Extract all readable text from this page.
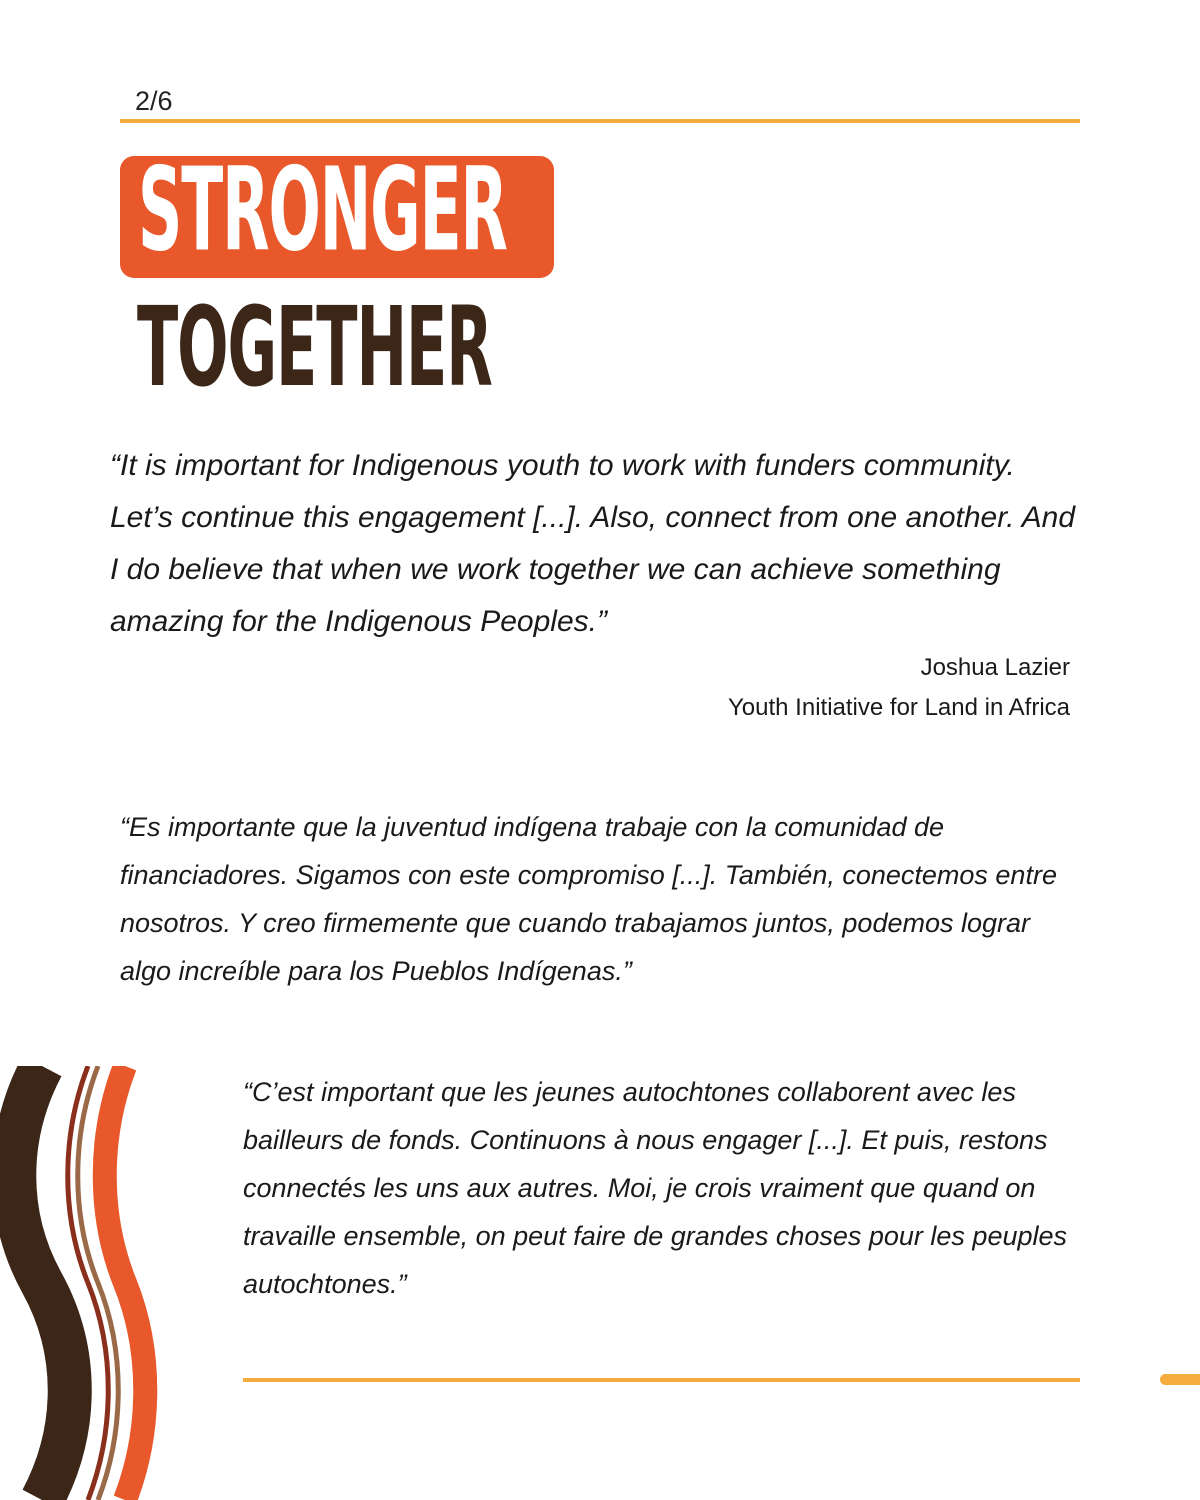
2/6
STRONGER
TOGETHER

“It is important for Indigenous youth to work with funders community. Let’s continue this engagement [...]. Also, connect from one another. And I do believe that when we work together we can achieve something amazing for the Indigenous Peoples.”

Joshua Lazier
Youth Initiative for Land in Africa

“Es importante que la juventud indígena trabaje con la comunidad de financiadores. Sigamos con este compromiso [...]. También, conectemos entre nosotros. Y creo firmemente que cuando trabajamos juntos, podemos lograr algo increíble para los Pueblos Indígenas.”

“C’est important que les jeunes autochtones collaborent avec les bailleurs de fonds. Continuons à nous engager [...]. Et puis, restons connectés les uns aux autres. Moi, je crois vraiment que quand on travaille ensemble, on peut faire de grandes choses pour les peuples autochtones.”
